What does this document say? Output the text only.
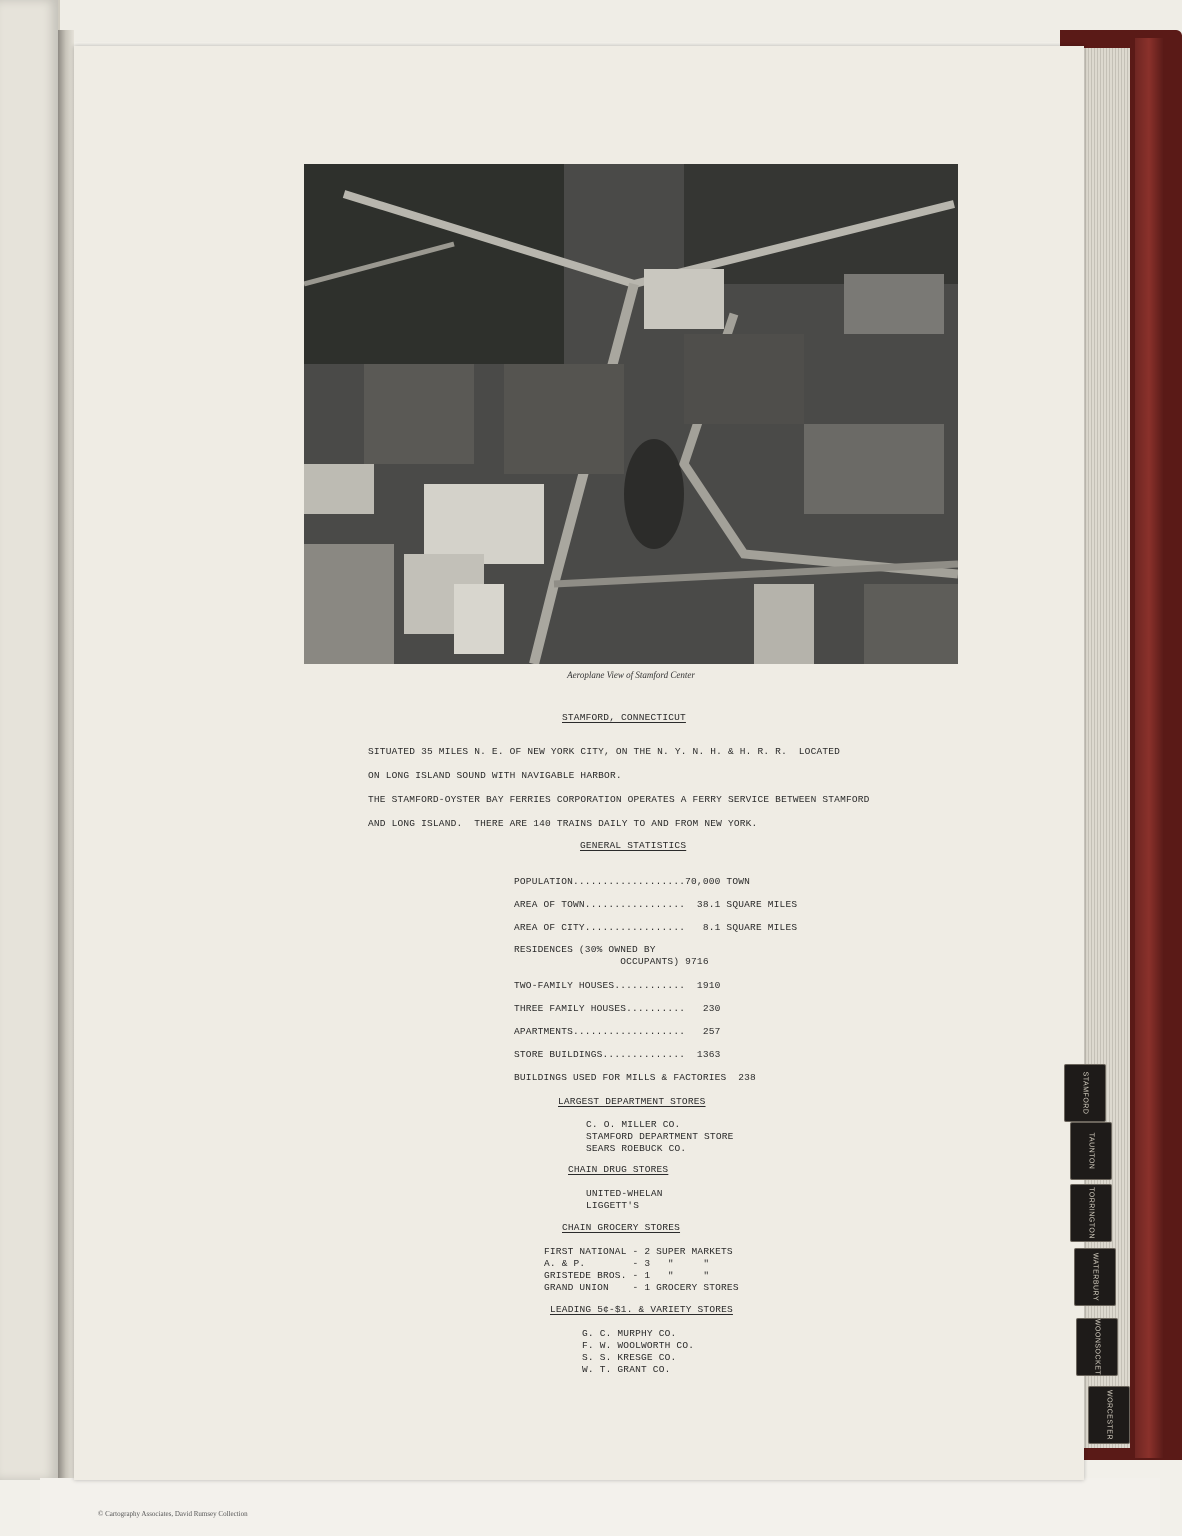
Aeroplane View of Stamford Center
STAMFORD, CONNECTICUT
SITUATED 35 MILES N. E. OF NEW YORK CITY, ON THE N. Y. N. H. & H. R. R.  LOCATED
ON LONG ISLAND SOUND WITH NAVIGABLE HARBOR.
THE STAMFORD-OYSTER BAY FERRIES CORPORATION OPERATES A FERRY SERVICE BETWEEN STAMFORD
AND LONG ISLAND.  THERE ARE 140 TRAINS DAILY TO AND FROM NEW YORK.
GENERAL STATISTICS
POPULATION...................70,000 TOWN
AREA OF TOWN.................  38.1 SQUARE MILES
AREA OF CITY.................   8.1 SQUARE MILES
RESIDENCES (30% OWNED BY
OCCUPANTS) 9716
TWO-FAMILY HOUSES............  1910
THREE FAMILY HOUSES..........   230
APARTMENTS...................   257
STORE BUILDINGS..............  1363
BUILDINGS USED FOR MILLS & FACTORIES  238
LARGEST DEPARTMENT STORES
C. O. MILLER CO.
STAMFORD DEPARTMENT STORE
SEARS ROEBUCK CO.
CHAIN DRUG STORES
UNITED-WHELAN
LIGGETT'S
CHAIN GROCERY STORES
FIRST NATIONAL - 2 SUPER MARKETS
A. & P.        - 3   "     "
GRISTEDE BROS. - 1   "     "
GRAND UNION    - 1 GROCERY STORES
LEADING 5¢-$1. & VARIETY STORES
G. C. MURPHY CO.
F. W. WOOLWORTH CO.
S. S. KRESGE CO.
W. T. GRANT CO.
STAMFORD
TAUNTON
TORRINGTON
WATERBURY
WOONSOCKET
WORCESTER
© Cartography Associates, David Rumsey Collection
